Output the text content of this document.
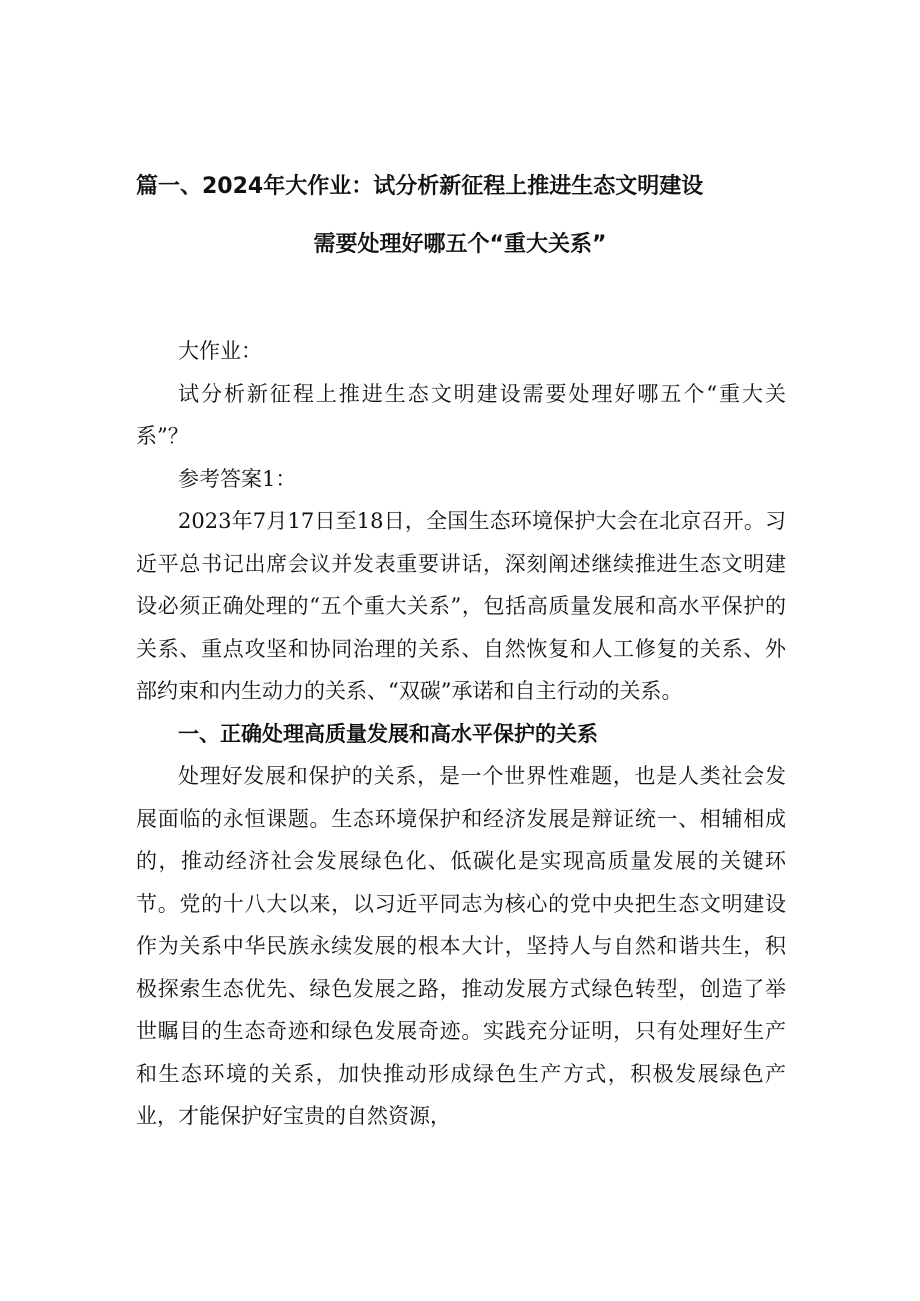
篇一、2024年大作业：试分析新征程上推进生态文明建设
需要处理好哪五个“重大关系”

大作业：

试分析新征程上推进生态文明建设需要处理好哪五个“重大关系”？

参考答案1：

2023年7月17日至18日，全国生态环境保护大会在北京召开。习近平总书记出席会议并发表重要讲话，深刻阐述继续推进生态文明建设必须正确处理的“五个重大关系”，包括高质量发展和高水平保护的关系、重点攻坚和协同治理的关系、自然恢复和人工修复的关系、外部约束和内生动力的关系、“双碳”承诺和自主行动的关系。

一、正确处理高质量发展和高水平保护的关系

处理好发展和保护的关系，是一个世界性难题，也是人类社会发展面临的永恒课题。生态环境保护和经济发展是辩证统一、相辅相成的，推动经济社会发展绿色化、低碳化是实现高质量发展的关键环节。党的十八大以来，以习近平同志为核心的党中央把生态文明建设作为关系中华民族永续发展的根本大计，坚持人与自然和谐共生，积极探索生态优先、绿色发展之路，推动发展方式绿色转型，创造了举世瞩目的生态奇迹和绿色发展奇迹。实践充分证明，只有处理好生产和生态环境的关系，加快推动形成绿色生产方式，积极发展绿色产业，才能保护好宝贵的自然资源，
